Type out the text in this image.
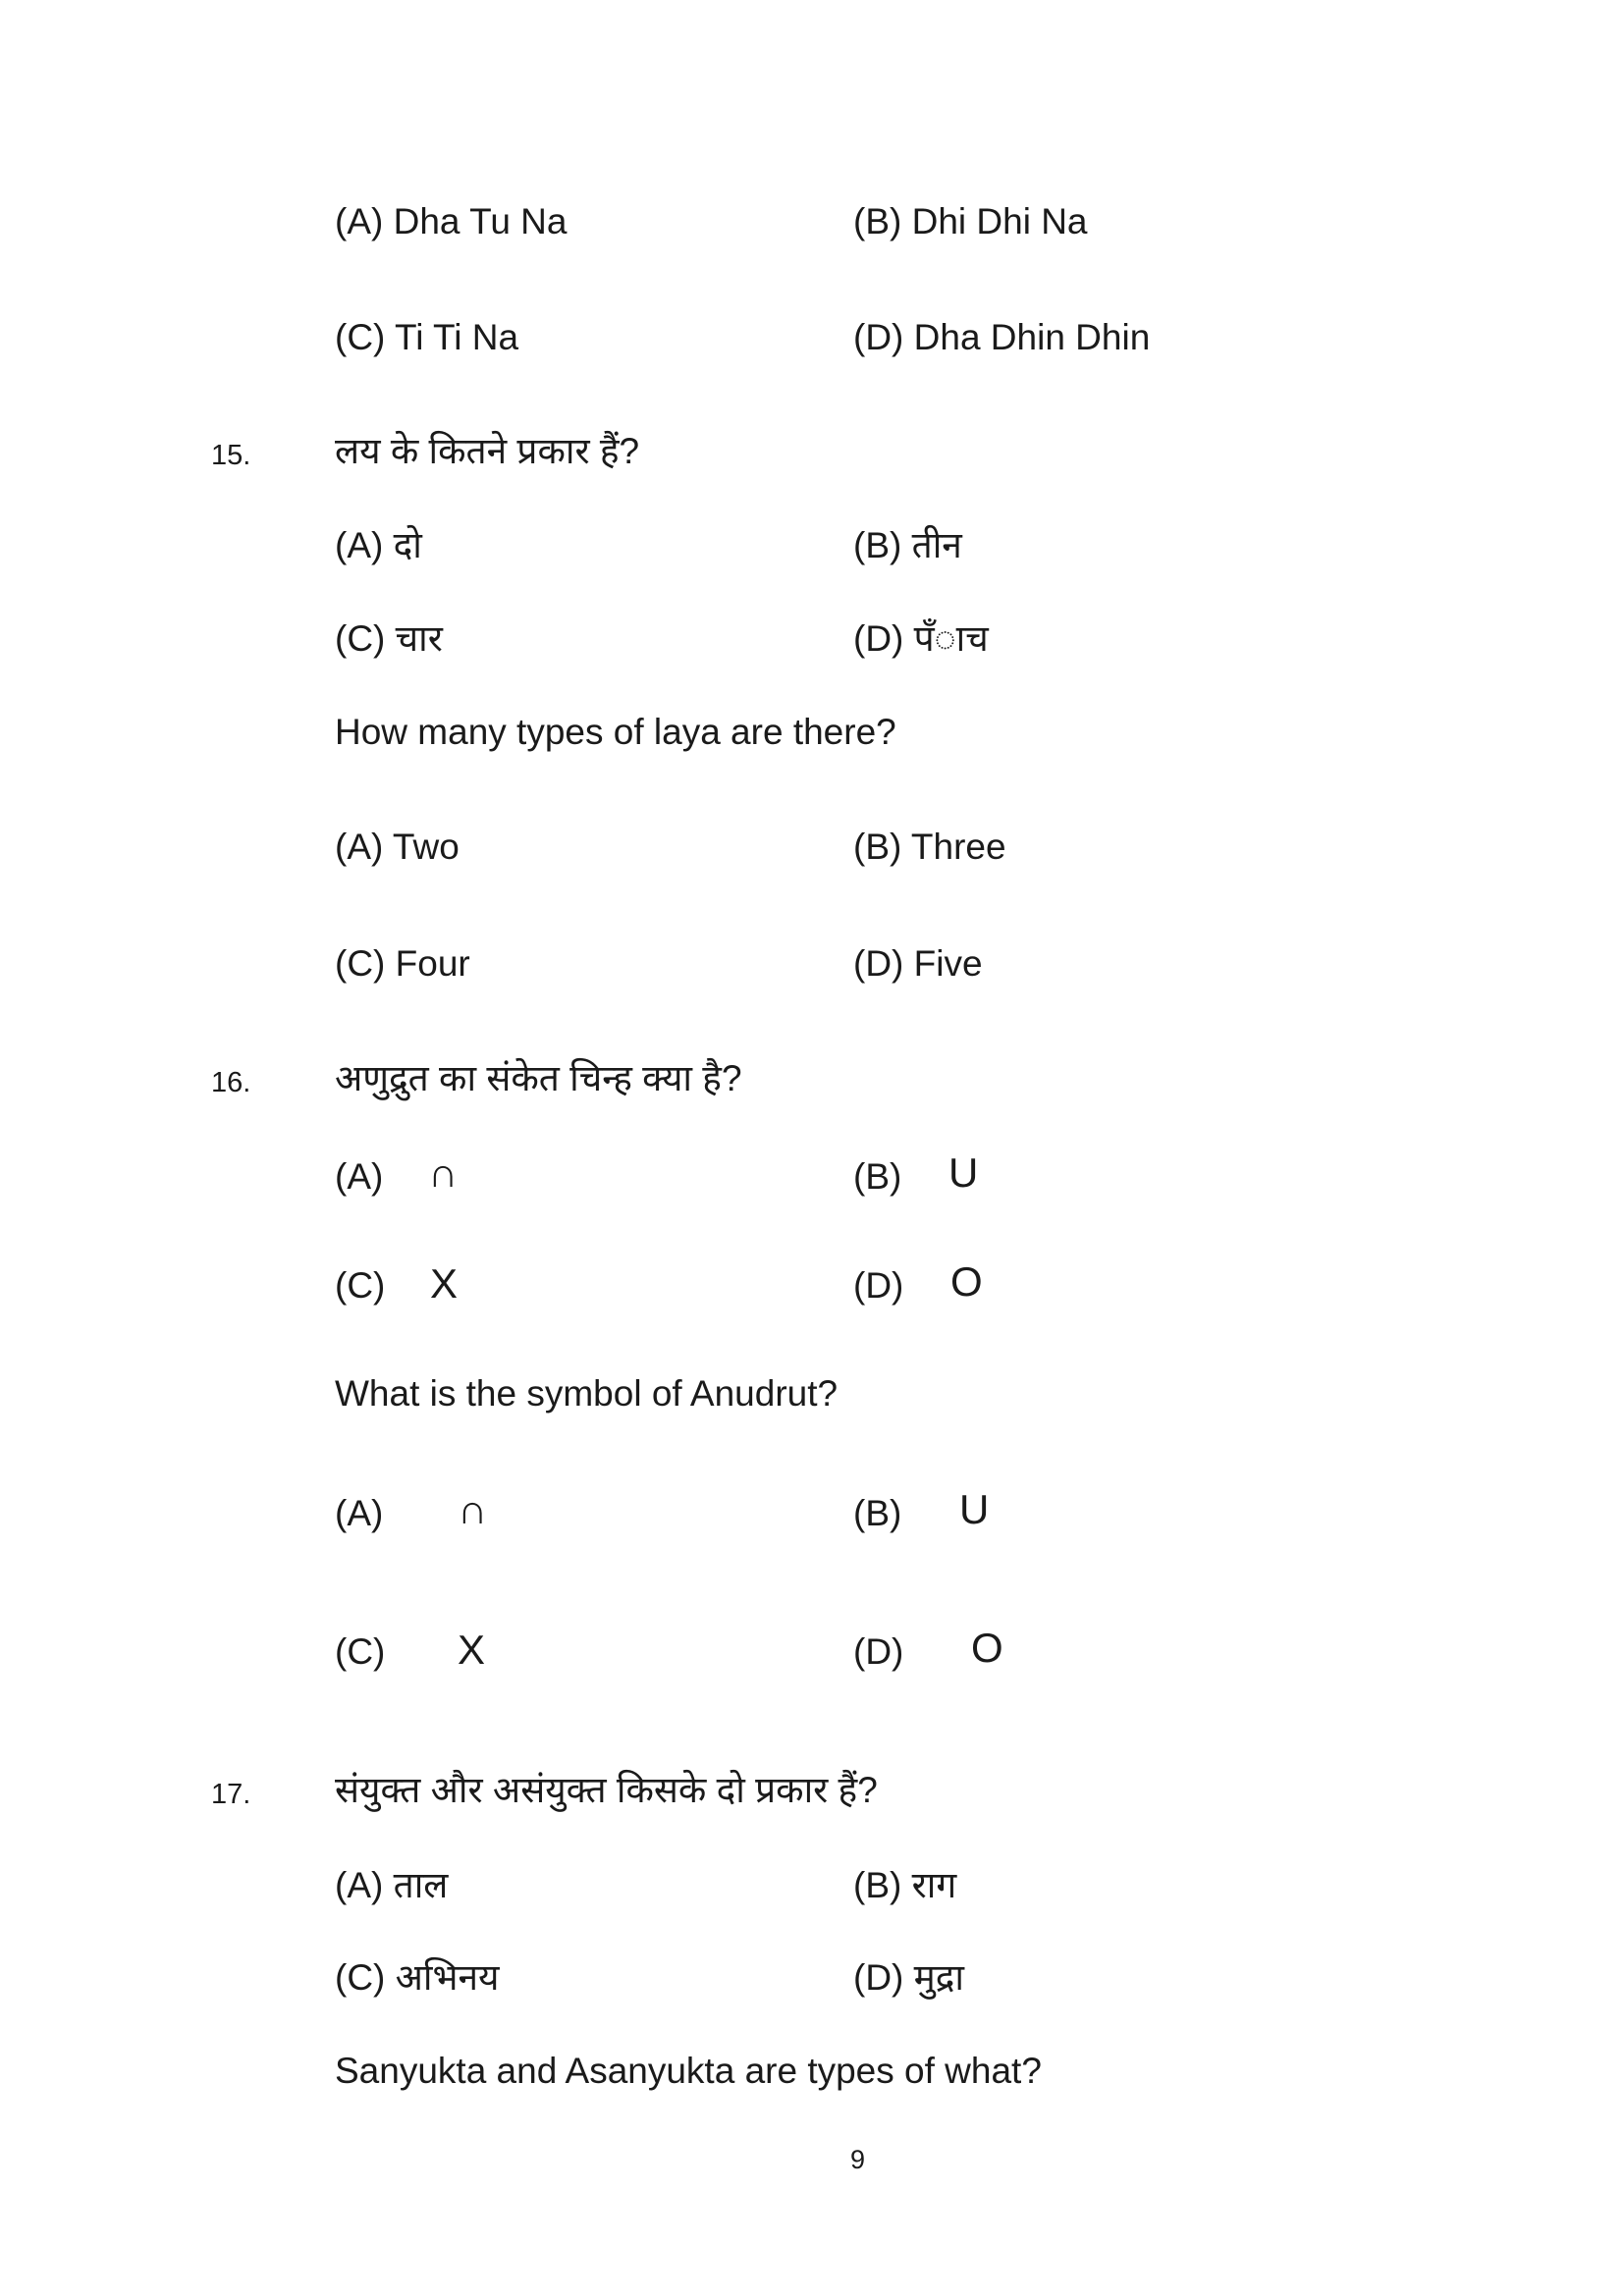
(A) Dha Tu Na	(B) Dhi Dhi Na
(C) Ti Ti Na	(D) Dha Dhin Dhin
15. लय के कितने प्रकार हैं?
(A) दो	(B) तीन
(C) चार	(D) पँाच
How many types of laya are there?
(A) Two	(B) Three
(C) Four	(D) Five
16. अणुद्रुत का संकेत चिन्ह क्या है?
(A) ∩	(B) U
(C) X	(D) O
What is the symbol of Anudrut?
(A) ∩	(B) U
(C) X	(D) O
17. संयुक्त और असंयुक्त किसके दो प्रकार हैं?
(A) ताल	(B) राग
(C) अभिनय	(D) मुद्रा
Sanyukta and Asanyukta are types of what?
9
